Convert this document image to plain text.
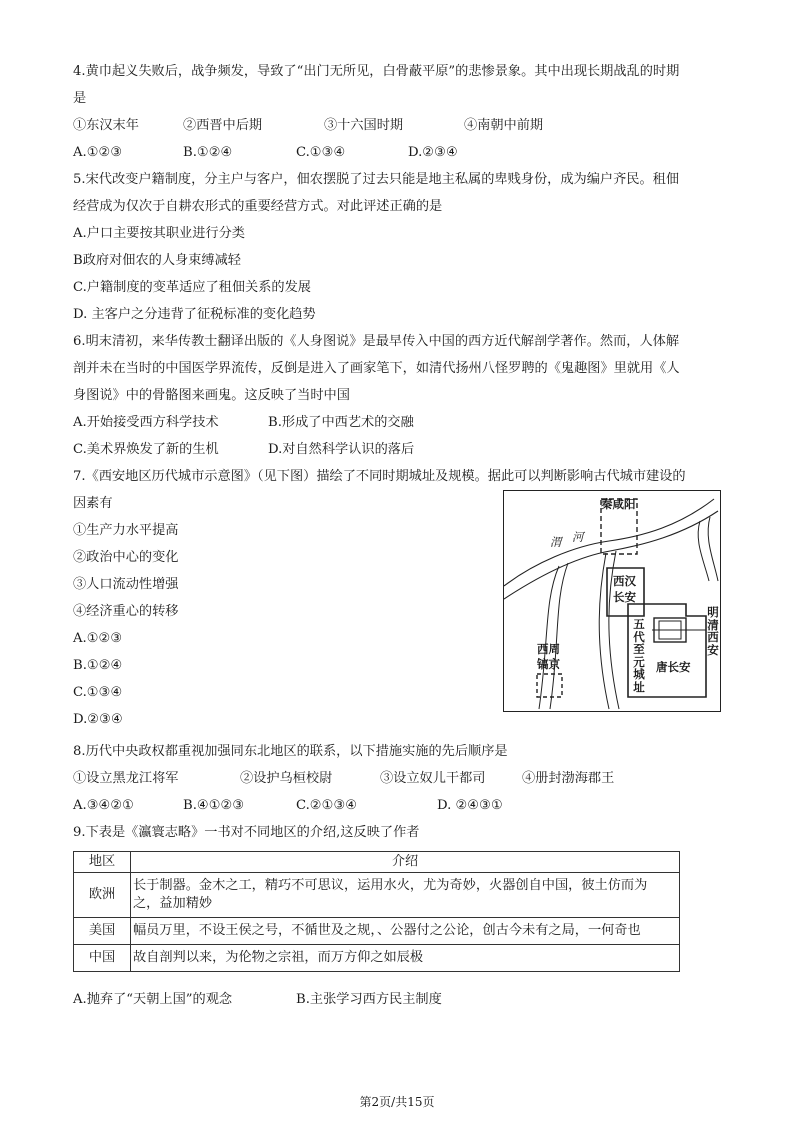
4.黄巾起义失败后，战争频发，导致了“出门无所见，白骨蔽平原”的悲惨景象。其中出现长期战乱的时期
是
①东汉末年	②西晋中后期	③十六国时期	④南朝中前期
A.①②③	B.①②④	C.①③④	D.②③④
5.宋代改变户籍制度，分主户与客户，佃农摆脱了过去只能是地主私属的卑贱身份，成为编户齐民。租佃
经营成为仅次于自耕农形式的重要经营方式。对此评述正确的是
A.户口主要按其职业进行分类
B政府对佃农的人身束缚减轻
C.户籍制度的变革适应了租佃关系的发展
D. 主客户之分违背了征税标准的变化趋势
6.明末清初，来华传教士翻译出版的《人身图说》是最早传入中国的西方近代解剖学著作。然而，人体解
剖并未在当时的中国医学界流传，反倒是进入了画家笔下，如清代扬州八怪罗聘的《鬼趣图》里就用《人
身图说》中的骨骼图来画鬼。这反映了当时中国
A.开始接受西方科学技术	B.形成了中西艺术的交融
C.美术界焕发了新的生机	D.对自然科学认识的落后
7.《西安地区历代城市示意图》（见下图）描绘了不同时期城址及规模。据此可以判断影响古代城市建设的
因素有
①生产力水平提高
②政治中心的变化
③人口流动性增强
④经济重心的转移
A.①②③
B.①②④
C.①③④
D.②③④
秦咸阳
渭 河
西汉
长安
五代至元城址
明清西安
唐长安
西周
镐京
8.历代中央政权都重视加强同东北地区的联系，以下措施实施的先后顺序是
①设立黑龙江将军	②设护乌桓校尉	③设立奴儿干都司	④册封渤海郡王
A.③④②①	B.④①②③	C.②①③④	D. ②④③①
9.下表是《瀛寰志略》一书对不同地区的介绍,这反映了作者
地区	介绍
欧洲	长于制器。金木之工，精巧不可思议，运用水火，尤为奇妙，火器创自中国，彼土仿而为
之，益加精妙
美国	幅员万里，不设王侯之号，不循世及之规，、公器付之公论，创古今未有之局，一何奇也
中国	故自剖判以来，为伦物之宗祖，而万方仰之如辰极
A.抛弃了“天朝上国”的观念	B.主张学习西方民主制度
第2页/共15页
